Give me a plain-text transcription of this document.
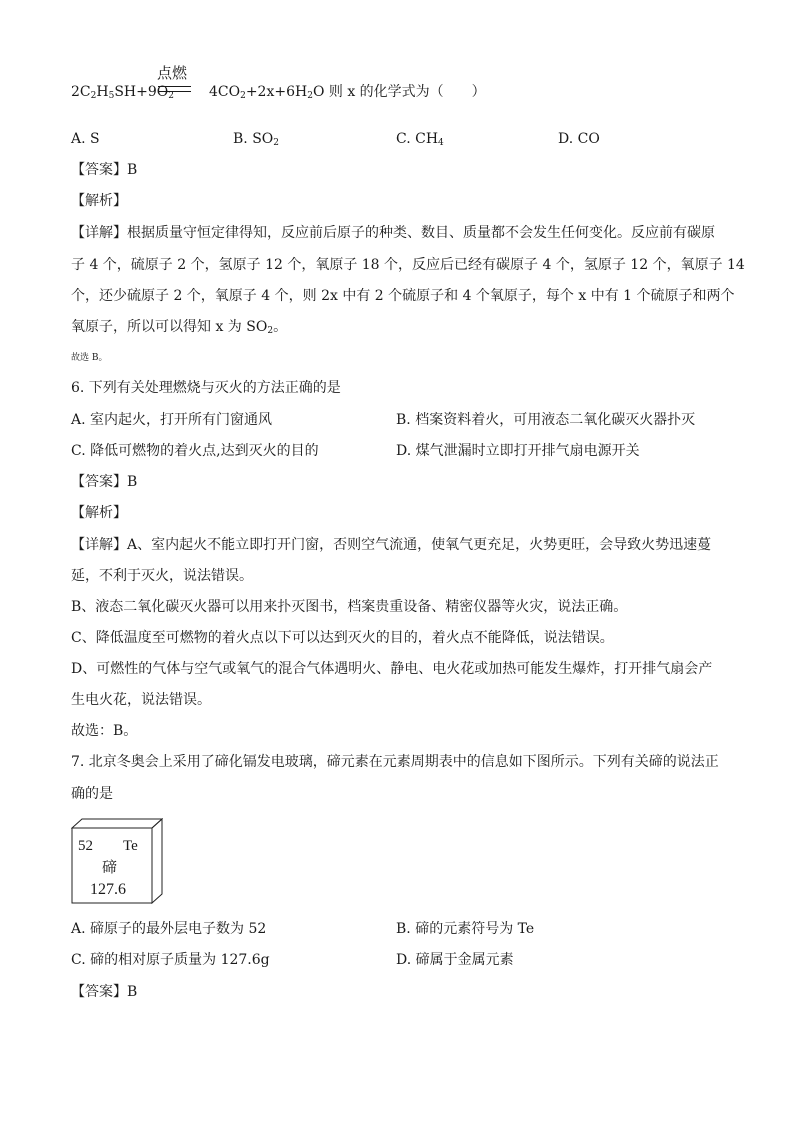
点燃
$2C_2H_5SH+9O_2$	$4CO_2+2x+6H_2O$ 则 x 的化学式为（　　）
A. S	B. $SO_2$	C. $CH_4$	D. CO
【答案】B
【解析】
【详解】根据质量守恒定律得知，反应前后原子的种类、数目、质量都不会发生任何变化。反应前有碳原
子 4 个，硫原子 2 个，氢原子 12 个，氧原子 18 个，反应后已经有碳原子 4 个，氢原子 12 个，氧原子 14
个，还少硫原子 2 个，氧原子 4 个，则 2x 中有 2 个硫原子和 4 个氧原子，每个 x 中有 1 个硫原子和两个
氧原子，所以可以得知 x 为 $SO_2$。
故选 B。
6. 下列有关处理燃烧与灭火的方法正确的是
A. 室内起火，打开所有门窗通风	B. 档案资料着火，可用液态二氧化碳灭火器扑灭
C. 降低可燃物的着火点,达到灭火的目的	D. 煤气泄漏时立即打开排气扇电源开关
【答案】B
【解析】
【详解】A、室内起火不能立即打开门窗，否则空气流通，使氧气更充足，火势更旺，会导致火势迅速蔓
延，不利于灭火，说法错误。
B、液态二氧化碳灭火器可以用来扑灭图书，档案贵重设备、精密仪器等火灾，说法正确。
C、降低温度至可燃物的着火点以下可以达到灭火的目的，着火点不能降低，说法错误。
D、可燃性的气体与空气或氧气的混合气体遇明火、静电、电火花或加热可能发生爆炸，打开排气扇会产
生电火花，说法错误。
故选：B。
7. 北京冬奥会上采用了碲化镉发电玻璃，碲元素在元素周期表中的信息如下图所示。下列有关碲的说法正
确的是
52 Te
碲
127.6
A. 碲原子的最外层电子数为 52	B. 碲的元素符号为 Te
C. 碲的相对原子质量为 127.6g	D. 碲属于金属元素
【答案】B
